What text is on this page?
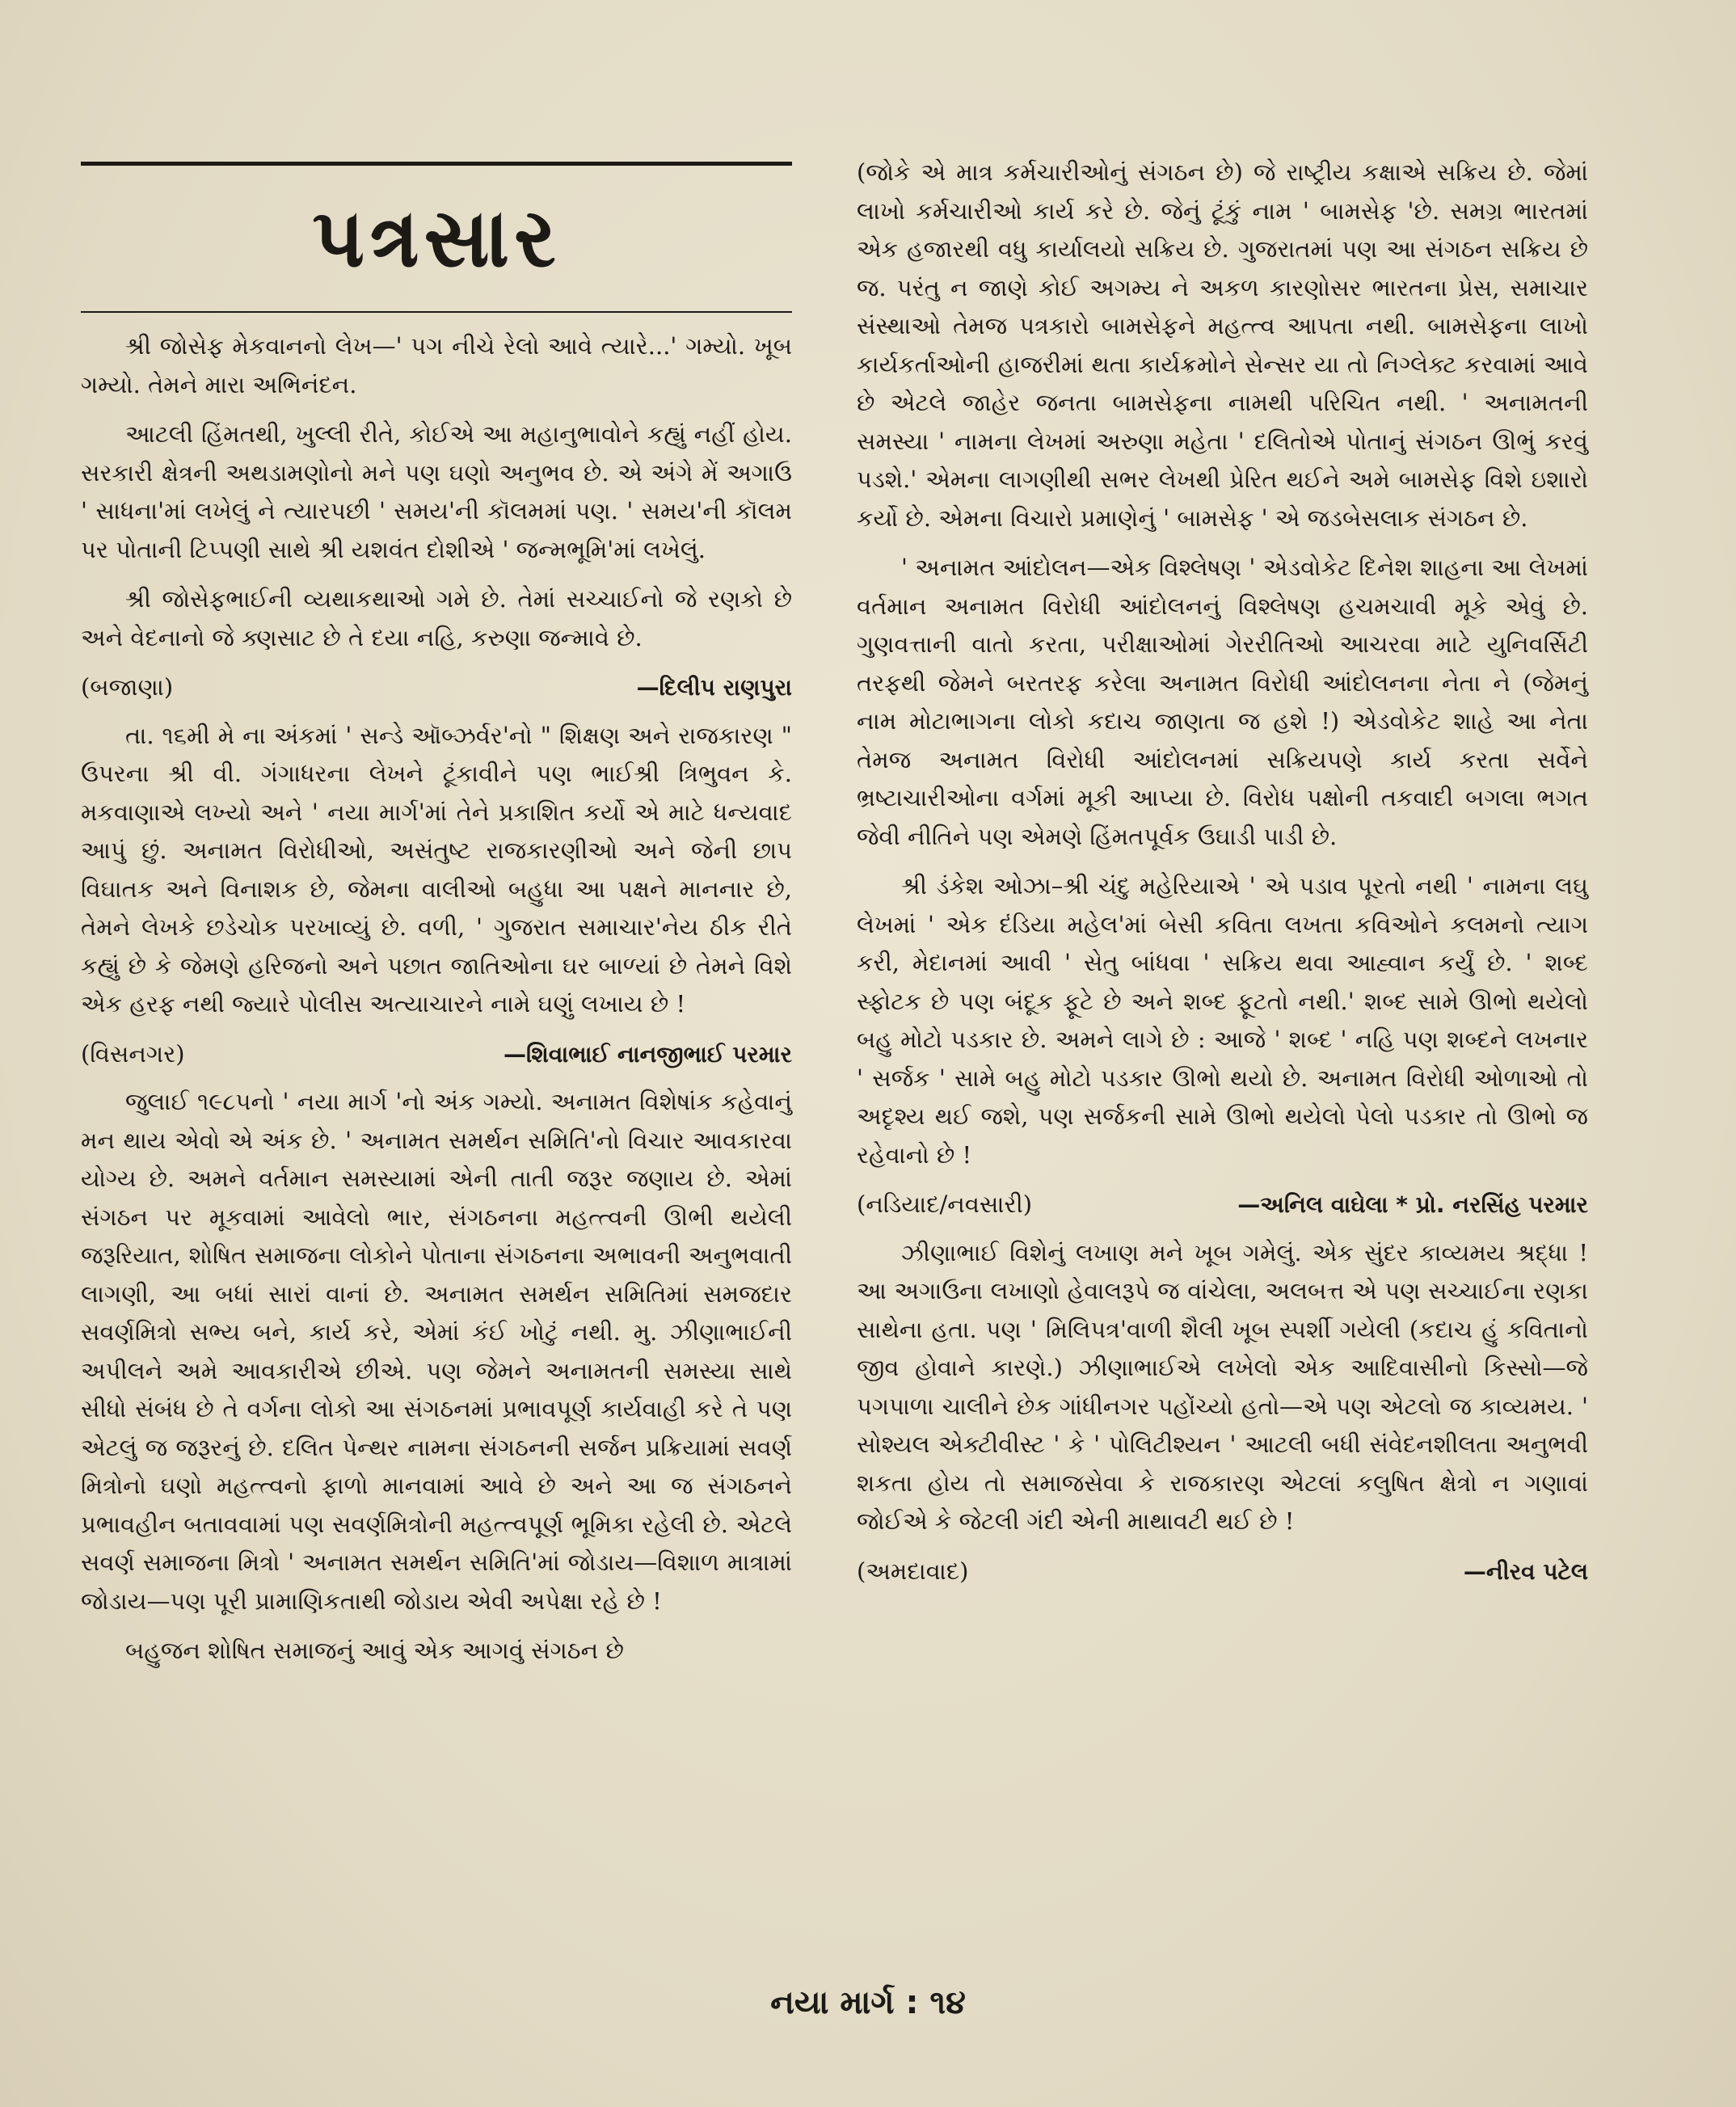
પત્રસાર

શ્રી જોસેફ મેકવાનનો લેખ—' પગ નીચે રેલો આવે ત્યારે...' ગમ્યો. ખૂબ ગમ્યો. તેમને મારા અભિનંદન.

આટલી હિંમતથી, ખુલ્લી રીતે, કોઈએ આ મહાનુભાવોને કહ્યું નહીં હોય. સરકારી ક્ષેત્રની અથડામણોનો મને પણ ઘણો અનુભવ છે. એ અંગે મેં અગાઉ ' સાધના'માં લખેલું ને ત્યારપછી ' સમય'ની કૉલમમાં પણ. ' સમય'ની કૉલમ પર પોતાની ટિપ્પણી સાથે શ્રી યશવંત દોશીએ ' જન્મભૂમિ'માં લખેલું.

શ્રી જોસેફભાઈની વ્યથાકથાઓ ગમે છે. તેમાં સચ્ચાઈનો જે રણકો છે અને વેદનાનો જે ક્ણસાટ છે તે દયા નહિ, કરુણા જન્માવે છે.

(બજાણા)	—દિલીપ રાણપુરા

તા. ૧૬મી મે ના અંકમાં ' સન્ડે ઑબ્ઝર્વર'નો " શિક્ષણ અને રાજકારણ " ઉપરના શ્રી વી. ગંગાધરના લેખને ટૂંકાવીને પણ ભાઈશ્રી ત્રિભુવન કે. મકવાણાએ લખ્યો અને ' નયા માર્ગ'માં તેને પ્રકાશિત કર્યો એ માટે ધન્યવાદ આપું છું. અનામત વિરોધીઓ, અસંતુષ્ટ રાજકારણીઓ અને જેની છાપ વિઘાતક અને વિનાશક છે, જેમના વાલીઓ બહુધા આ પક્ષને માનનાર છે, તેમને લેખકે છડેચોક પરખાવ્યું છે. વળી, ' ગુજરાત સમાચાર'નેય ઠીક રીતે કહ્યું છે કે જેમણે હરિજનો અને પછાત જાતિઓના ઘર બાળ્યાં છે તેમને વિશે એક હરફ નથી જ્યારે પોલીસ અત્યાચારને નામે ઘણું લખાય છે !

(વિસનગર)	—શિવાભાઈ નાનજીભાઈ પરમાર

જુલાઈ ૧૯૮૫નો ' નયા માર્ગ 'નો અંક ગમ્યો. અનામત વિશેષાંક કહેવાનું મન થાય એવો એ અંક છે. ' અનામત સમર્થન સમિતિ'નો વિચાર આવકારવા યોગ્ય છે. અમને વર્તમાન સમસ્યામાં એની તાતી જરૂર જણાય છે. એમાં સંગઠન પર મૂકવામાં આવેલો ભાર, સંગઠનના મહત્ત્વની ઊભી થયેલી જરૂરિયાત, શોષિત સમાજના લોકોને પોતાના સંગઠનના અભાવની અનુભવાતી લાગણી, આ બધાં સારાં વાનાં છે. અનામત સમર્થન સમિતિમાં સમજદાર સવર્ણમિત્રો સભ્ય બને, કાર્ય કરે, એમાં કંઈ ખોટું નથી. મુ. ઝીણાભાઈની અપીલને અમે આવકારીએ છીએ. પણ જેમને અનામતની સમસ્યા સાથે સીધો સંબંધ છે તે વર્ગના લોકો આ સંગઠનમાં પ્રભાવપૂર્ણ કાર્યવાહી કરે તે પણ એટલું જ જરૂરનું છે. દલિત પેન્થર નામના સંગઠનની સર્જન પ્રક્રિયામાં સવર્ણ મિત્રોનો ઘણો મહત્ત્વનો ફાળો માનવામાં આવે છે અને આ જ સંગઠનને પ્રભાવહીન બતાવવામાં પણ સવર્ણમિત્રોની મહત્ત્વપૂર્ણ ભૂમિકા રહેલી છે. એટલે સવર્ણ સમાજના મિત્રો ' અનામત સમર્થન સમિતિ'માં જોડાય—વિશાળ માત્રામાં જોડાય—પણ પૂરી પ્રામાણિકતાથી જોડાય એવી અપેક્ષા રહે છે !

બહુજન શોષિત સમાજનું આવું એક આગવું સંગઠન છે

(જોકે એ માત્ર કર્મચારીઓનું સંગઠન છે) જે રાષ્ટ્રીય કક્ષાએ સક્રિય છે. જેમાં લાખો કર્મચારીઓ કાર્ય કરે છે. જેનું ટૂંકું નામ ' બામસેફ 'છે. સમગ્ર ભારતમાં એક હજારથી વધુ કાર્યાલયો સક્રિય છે. ગુજરાતમાં પણ આ સંગઠન સક્રિય છે જ. પરંતુ ન જાણે કોઈ અગમ્ય ને અકળ કારણોસર ભારતના પ્રેસ, સમાચાર સંસ્થાઓ તેમજ પત્રકારો બામસેફને મહત્ત્વ આપતા નથી. બામસેફના લાખો કાર્યકર્તાઓની હાજરીમાં થતા કાર્યક્રમોને સેન્સર યા તો નિગ્લેક્ટ કરવામાં આવે છે એટલે જાહેર જનતા બામસેફના નામથી પરિચિત નથી. ' અનામતની સમસ્યા ' નામના લેખમાં અરુણા મહેતા ' દલિતોએ પોતાનું સંગઠન ઊભું કરવું પડશે.' એમના લાગણીથી સભર લેખથી પ્રેરિત થઈને અમે બામસેફ વિશે ઇશારો કર્યો છે. એમના વિચારો પ્રમાણેનું ' બામસેફ ' એ જડબેસલાક સંગઠન છે.

' અનામત આંદોલન—એક વિશ્લેષણ ' એડવોકેટ દિનેશ શાહના આ લેખમાં વર્તમાન અનામત વિરોધી આંદોલનનું વિશ્લેષણ હચમચાવી મૂકે એવું છે. ગુણવત્તાની વાતો કરતા, પરીક્ષાઓમાં ગેરરીતિઓ આચરવા માટે યુનિવર્સિટી તરફથી જેમને બરતરફ કરેલા અનામત વિરોધી આંદોલનના નેતા ને (જેમનું નામ મોટાભાગના લોકો કદાચ જાણતા જ હશે !) એડવોકેટ શાહે આ નેતા તેમજ અનામત વિરોધી આંદોલનમાં સક્રિયપણે કાર્ય કરતા સર્વેને ભ્રષ્ટાચારીઓના વર્ગમાં મૂકી આપ્યા છે. વિરોધ પક્ષોની તકવાદી બગલા ભગત જેવી નીતિને પણ એમણે હિંમતપૂર્વક ઉઘાડી પાડી છે.

શ્રી ડંકેશ ઓઝા–શ્રી ચંદુ મહેરિયાએ ' એ પડાવ પૂરતો નથી ' નામના લઘુ લેખમાં ' એક દંડિયા મહેલ'માં બેસી કવિતા લખતા કવિઓને કલમનો ત્યાગ કરી, મેદાનમાં આવી ' સેતુ બાંધવા ' સક્રિય થવા આહ્વાન કર્યું છે. ' શબ્દ સ્ફોટક છે પણ બંદૂક ફૂટે છે અને શબ્દ ફૂટતો નથી.' શબ્દ સામે ઊભો થયેલો બહુ મોટો પડકાર છે. અમને લાગે છે : આજે ' શબ્દ ' નહિ પણ શબ્દને લખનાર ' સર્જક ' સામે બહુ મોટો પડકાર ઊભો થયો છે. અનામત વિરોધી ઓળાઓ તો અદૃશ્ય થઈ જશે, પણ સર્જકની સામે ઊભો થયેલો પેલો પડકાર તો ઊભો જ રહેવાનો છે !

(નડિયાદ/નવસારી)	—અનિલ વાઘેલા * પ્રો. નરસિંહ પરમાર

ઝીણાભાઈ વિશેનું લખાણ મને ખૂબ ગમેલું. એક સુંદર કાવ્યમય શ્રદ્ધા ! આ અગાઉના લખાણો હેવાલરૂપે જ વાંચેલા, અલબત્ત એ પણ સચ્ચાઈના રણકા સાથેના હતા. પણ ' મિલિપત્ર'વાળી શૈલી ખૂબ સ્પર્શી ગયેલી (કદાચ હું કવિતાનો જીવ હોવાને કારણે.) ઝીણાભાઈએ લખેલો એક આદિવાસીનો કિસ્સો—જે પગપાળા ચાલીને છેક ગાંધીનગર પહોંચ્યો હતો—એ પણ એટલો જ કાવ્યમય. ' સોશ્યલ એક્ટીવીસ્ટ ' કે ' પોલિટીશ્યન ' આટલી બધી સંવેદનશીલતા અનુભવી શકતા હોય તો સમાજસેવા કે રાજકારણ એટલાં કલુષિત ક્ષેત્રો ન ગણાવાં જોઈએ કે જેટલી ગંદી એની માથાવટી થઈ છે !

(અમદાવાદ)	—નીરવ પટેલ
નયા માર્ગ : ૧૪
